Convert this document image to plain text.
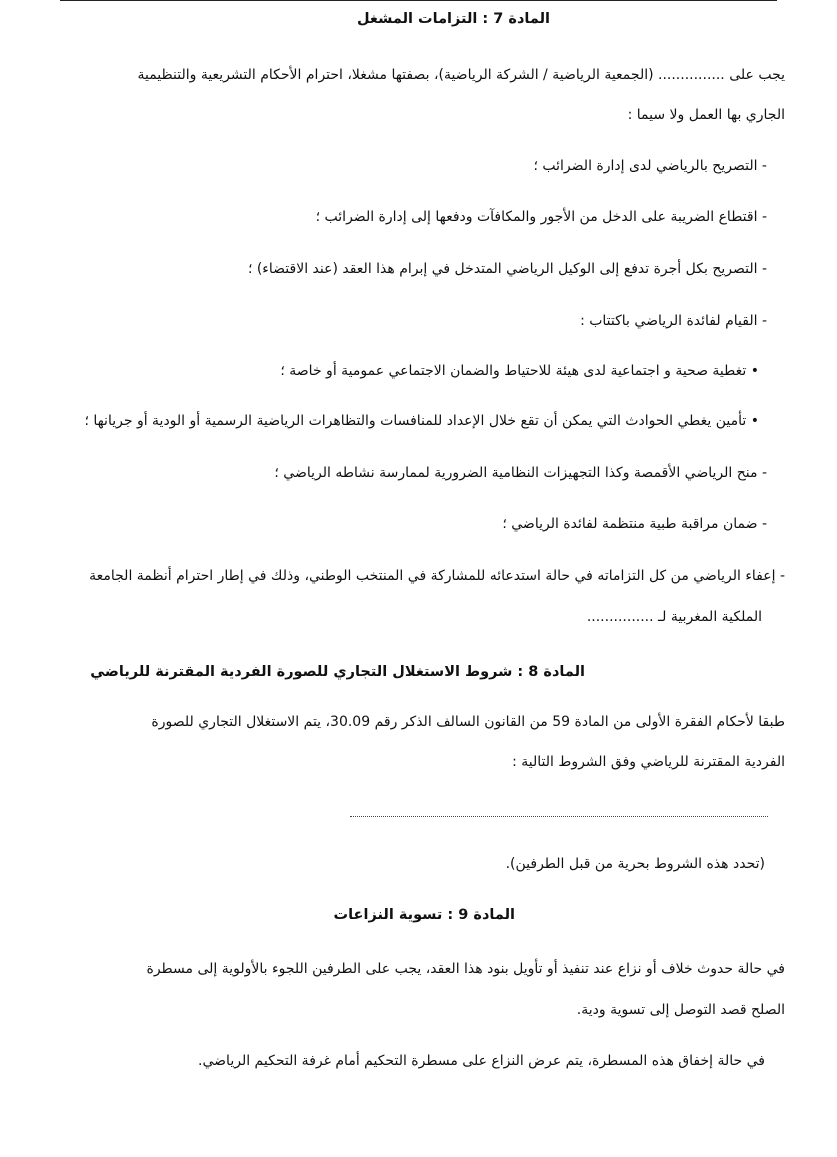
المادة 7 : التزامات المشغل

يجب على ............... (الجمعية الرياضية / الشركة الرياضية)، بصفتها مشغلا، احترام الأحكام التشريعية والتنظيمية

الجاري بها العمل ولا سيما :

- التصريح بالرياضي لدى إدارة الضرائب ؛

- اقتطاع الضريبة على الدخل من الأجور والمكافآت ودفعها إلى إدارة الضرائب ؛

- التصريح بكل أجرة تدفع إلى الوكيل الرياضي المتدخل في إبرام هذا العقد (عند الاقتضاء) ؛

- القيام لفائدة الرياضي باكتتاب :

• تغطية صحية و اجتماعية لدى هيئة للاحتياط والضمان الاجتماعي عمومية أو خاصة ؛

• تأمين يغطي الحوادث التي يمكن أن تقع خلال الإعداد للمنافسات والتظاهرات الرياضية الرسمية أو الودية أو جريانها ؛

- منح الرياضي الأقمصة وكذا التجهيزات النظامية الضرورية لممارسة نشاطه الرياضي ؛

- ضمان مراقبة طبية منتظمة لفائدة الرياضي ؛

- إعفاء الرياضي من كل التزاماته في حالة استدعائه للمشاركة في المنتخب الوطني، وذلك في إطار احترام أنظمة الجامعة

الملكية المغربية لـ ...............

المادة 8 : شروط الاستغلال التجاري للصورة الفردية المقترنة للرياضي

طبقا لأحكام الفقرة الأولى من المادة 59 من القانون السالف الذكر رقم 30.09، يتم الاستغلال التجاري للصورة

الفردية المقترنة للرياضي وفق الشروط التالية :

(تحدد هذه الشروط بحرية من قبل الطرفين).

المادة 9 : تسوية النزاعات

في حالة حدوث خلاف أو نزاع عند تنفيذ أو تأويل بنود هذا العقد، يجب على الطرفين اللجوء بالأولوية إلى مسطرة

الصلح قصد التوصل إلى تسوية ودية.

في حالة إخفاق هذه المسطرة، يتم عرض النزاع على مسطرة التحكيم أمام غرفة التحكيم الرياضي.
